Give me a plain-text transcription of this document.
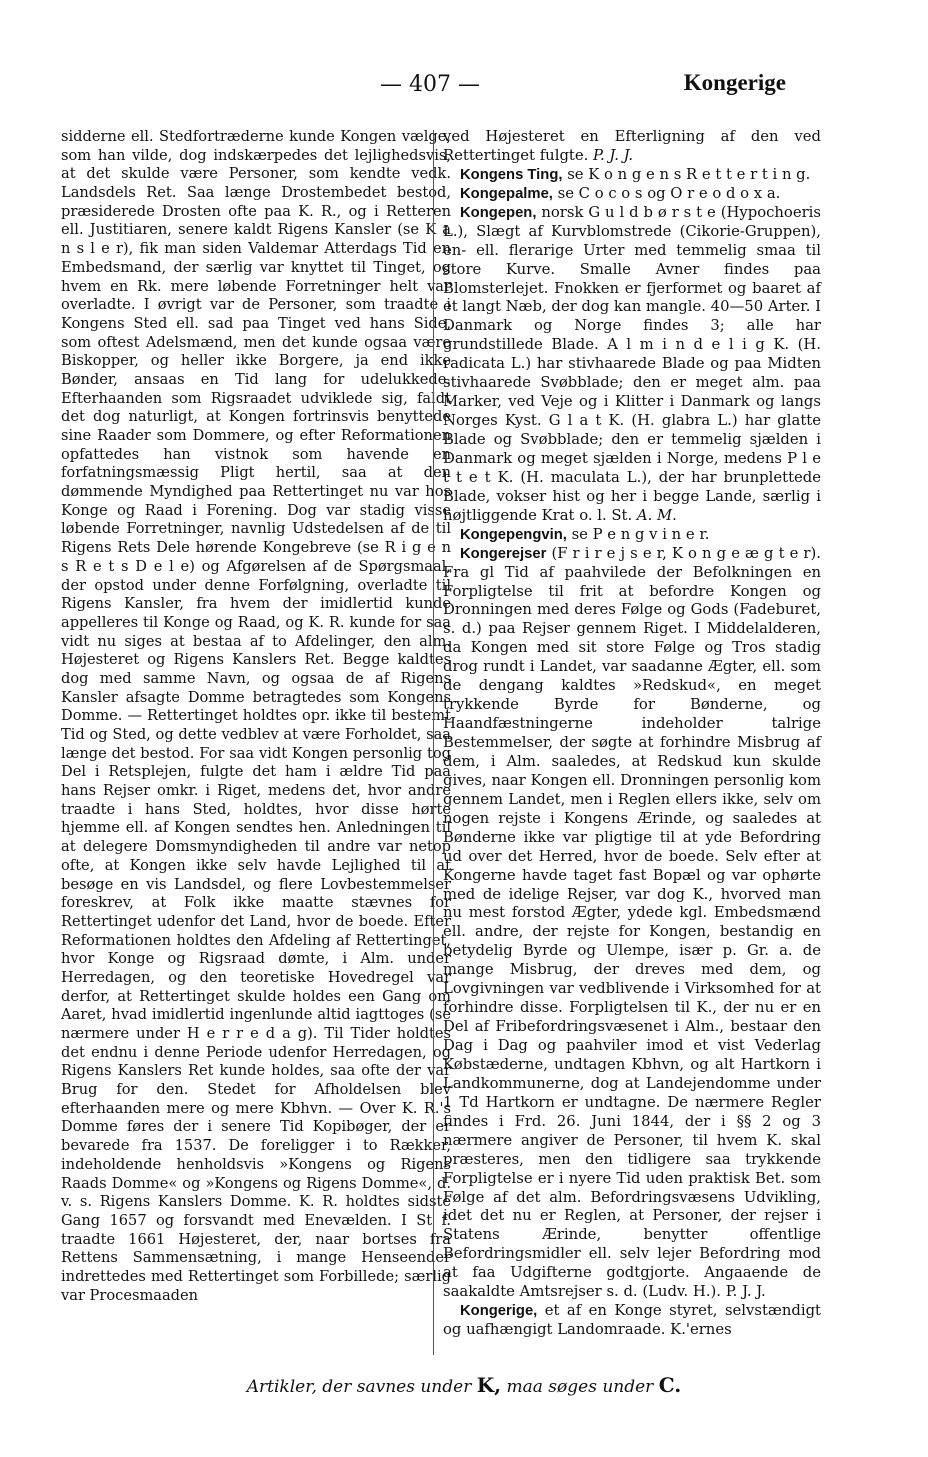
— 407 —	Kongerige

sidderne ell. Stedfortræderne kunde Kongen vælge, som han vilde, dog indskærpedes det lejlighedsvis, at det skulde være Personer, som kendte vedk. Landsdels Ret. Saa længe Drostembedet bestod, præsiderede Drosten ofte paa K. R., og i Retteren ell. Justitiaren, senere kaldt Rigens Kansler (se K a n s l e r), fik man siden Valdemar Atterdags Tid en Embedsmand, der særlig var knyttet til Tinget, og hvem en Rk. mere løbende Forretninger helt var overladte. I øvrigt var de Personer, som traadte i Kongens Sted ell. sad paa Tinget ved hans Side, som oftest Adelsmænd, men det kunde ogsaa være Biskopper, og heller ikke Borgere, ja end ikke Bønder, ansaas en Tid lang for udelukkede. Efterhaanden som Rigsraadet udviklede sig, faldt det dog naturligt, at Kongen fortrinsvis benyttede sine Raader som Dommere, og efter Reformationen opfattedes han vistnok som havende en forfatningsmæssig Pligt hertil, saa at den dømmende Myndighed paa Rettertinget nu var hos Konge og Raad i Forening. Dog var stadig visse løbende Forretninger, navnlig Udstedelsen af de til Rigens Rets Dele hørende Kongebreve (se R i g e n s R e t s D e l e) og Afgørelsen af de Spørgsmaal, der opstod under denne Forfølgning, overladte til Rigens Kansler, fra hvem der imidlertid kunde appelleres til Konge og Raad, og K. R. kunde for saa vidt nu siges at bestaa af to Afdelinger, den alm. Højesteret og Rigens Kanslers Ret. Begge kaldtes dog med samme Navn, og ogsaa de af Rigens Kansler afsagte Domme betragtedes som Kongens Domme. — Rettertinget holdtes opr. ikke til bestemt Tid og Sted, og dette vedblev at være Forholdet, saa længe det bestod. For saa vidt Kongen personlig tog Del i Retsplejen, fulgte det ham i ældre Tid paa hans Rejser omkr. i Riget, medens det, hvor andre traadte i hans Sted, holdtes, hvor disse hørte hjemme ell. af Kongen sendtes hen. Anledningen til at delegere Domsmyndigheden til andre var netop ofte, at Kongen ikke selv havde Lejlighed til at besøge en vis Landsdel, og flere Lovbestemmelser foreskrev, at Folk ikke maatte stævnes for Rettertinget udenfor det Land, hvor de boede. Efter Reformationen holdtes den Afdeling af Rettertinget, hvor Konge og Rigsraad dømte, i Alm. under Herredagen, og den teoretiske Hovedregel var derfor, at Rettertinget skulde holdes een Gang om Aaret, hvad imidlertid ingenlunde altid iagttoges (se nærmere under H e r r e d a g). Til Tider holdtes det endnu i denne Periode udenfor Herredagen, og Rigens Kanslers Ret kunde holdes, saa ofte der var Brug for den. Stedet for Afholdelsen blev efterhaanden mere og mere Kbhvn. — Over K. R.'s Domme føres der i senere Tid Kopibøger, der er bevarede fra 1537. De foreligger i to Rækker, indeholdende henholdsvis »Kongens og Rigens Raads Domme« og »Kongens og Rigens Domme«, d. v. s. Rigens Kanslers Domme. K. R. holdtes sidste Gang 1657 og forsvandt med Enevælden. I St f. traadte 1661 Højesteret, der, naar bortses fra Rettens Sammensætning, i mange Henseender indrettedes med Rettertinget som Forbillede; særlig var Procesmaaden

ved Højesteret en Efterligning af den ved Rettertinget fulgte. P. J. J.

Kongens Ting, se K o n g e n s R e t t e r t i n g.

Kongepalme, se C o c o s og O r e o d o x a.

Kongepen, norsk G u l d b ø r s t e (Hypochoeris L.), Slægt af Kurvblomstrede (Cikorie-Gruppen), en- ell. flerarige Urter med temmelig smaa til store Kurve. Smalle Avner findes paa Blomsterlejet. Fnokken er fjerformet og baaret af et langt Næb, der dog kan mangle. 40—50 Arter. I Danmark og Norge findes 3; alle har grundstillede Blade. A l m i n d e l i g K. (H. radicata L.) har stivhaarede Blade og paa Midten stivhaarede Svøbblade; den er meget alm. paa Marker, ved Veje og i Klitter i Danmark og langs Norges Kyst. G l a t K. (H. glabra L.) har glatte Blade og Svøbblade; den er temmelig sjælden i Danmark og meget sjælden i Norge, medens P l e t t e t K. (H. maculata L.), der har brunplettede Blade, vokser hist og her i begge Lande, særlig i højtliggende Krat o. l. St. A. M.

Kongepengvin, se P e n g v i n e r.

Kongerejser (F r i r e j s e r, K o n g e æ g t e r). Fra gl Tid af paahvilede der Befolkningen en Forpligtelse til frit at befordre Kongen og Dronningen med deres Følge og Gods (Fadeburet, s. d.) paa Rejser gennem Riget. I Middelalderen, da Kongen med sit store Følge og Tros stadig drog rundt i Landet, var saadanne Ægter, ell. som de dengang kaldtes »Redskud«, en meget trykkende Byrde for Bønderne, og Haandfæstningerne indeholder talrige Bestemmelser, der søgte at forhindre Misbrug af dem, i Alm. saaledes, at Redskud kun skulde gives, naar Kongen ell. Dronningen personlig kom gennem Landet, men i Reglen ellers ikke, selv om nogen rejste i Kongens Ærinde, og saaledes at Bønderne ikke var pligtige til at yde Befordring ud over det Herred, hvor de boede. Selv efter at Kongerne havde taget fast Bopæl og var ophørte med de idelige Rejser, var dog K., hvorved man nu mest forstod Ægter, ydede kgl. Embedsmænd ell. andre, der rejste for Kongen, bestandig en betydelig Byrde og Ulempe, især p. Gr. a. de mange Misbrug, der dreves med dem, og Lovgivningen var vedblivende i Virksomhed for at forhindre disse. Forpligtelsen til K., der nu er en Del af Fribefordringsvæsenet i Alm., bestaar den Dag i Dag og paahviler imod et vist Vederlag Købstæderne, undtagen Kbhvn, og alt Hartkorn i Landkommunerne, dog at Landejendomme under 1 Td Hartkorn er undtagne. De nærmere Regler findes i Frd. 26. Juni 1844, der i §§ 2 og 3 nærmere angiver de Personer, til hvem K. skal præsteres, men den tidligere saa trykkende Forpligtelse er i nyere Tid uden praktisk Bet. som Følge af det alm. Befordringsvæsens Udvikling, idet det nu er Reglen, at Personer, der rejser i Statens Ærinde, benytter offentlige Befordringsmidler ell. selv lejer Befordring mod at faa Udgifterne godtgjorte. Angaaende de saakaldte Amtsrejser s. d. (Ludv. H.). P. J. J.

Kongerige, et af en Konge styret, selvstændigt og uafhængigt Landomraade. K.'ernes

Artikler, der savnes under K, maa søges under C.
